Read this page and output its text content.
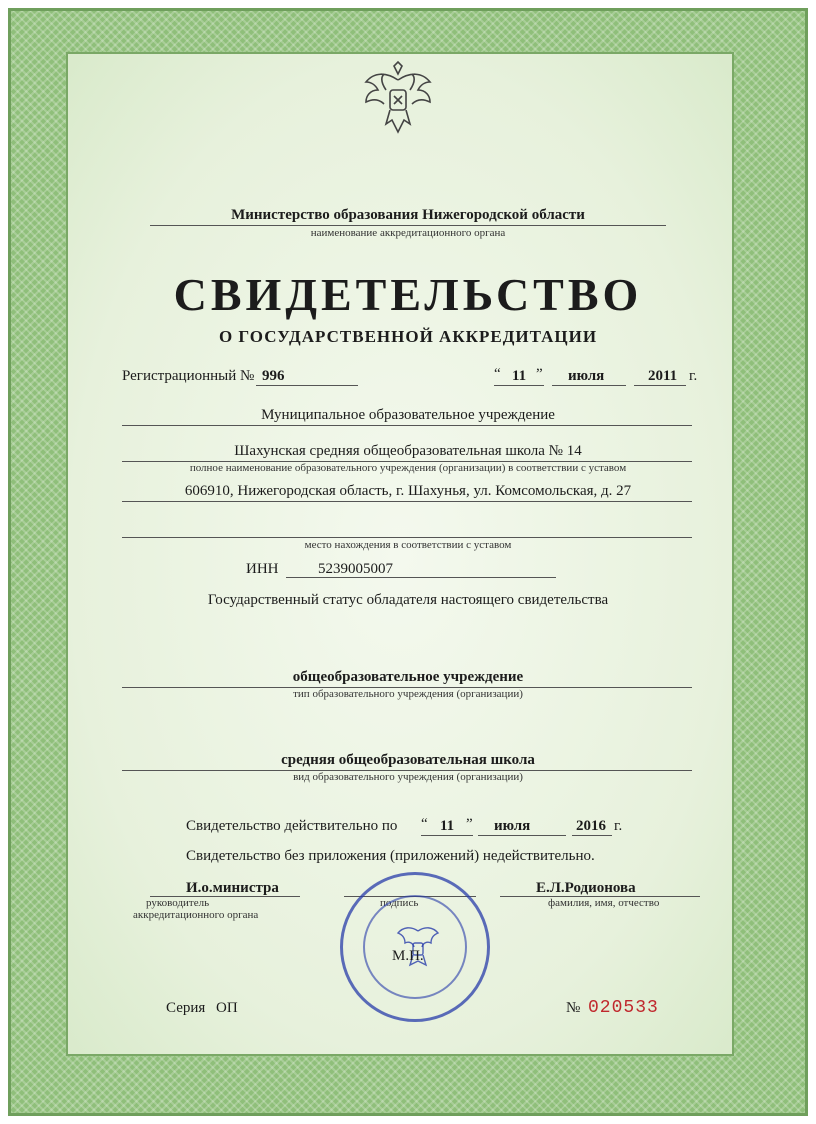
Министерство образования Нижегородской области
наименование аккредитационного органа
СВИДЕТЕЛЬСТВО
О ГОСУДАРСТВЕННОЙ АККРЕДИТАЦИИ
Регистрационный № 996	“ 11 ” июля	2011 г.
Муниципальное образовательное учреждение
Шахунская средняя общеобразовательная школа № 14
полное наименование образовательного учреждения (организации) в соответствии с уставом
606910, Нижегородская область, г. Шахунья, ул. Комсомольская, д. 27
место нахождения в соответствии с уставом
ИНН	5239005007
Государственный статус обладателя настоящего свидетельства
общеобразовательное учреждение
тип образовательного учреждения (организации)
средняя общеобразовательная школа
вид образовательного учреждения (организации)
Свидетельство действительно по “ 11 ” июля	2016 г.
Свидетельство без приложения (приложений) недействительно.
И.о.министра
руководитель
аккредитационного органа
подпись
Е.Л.Родионова
фамилия, имя, отчество
М.П.
Серия ОП	№ 020533
